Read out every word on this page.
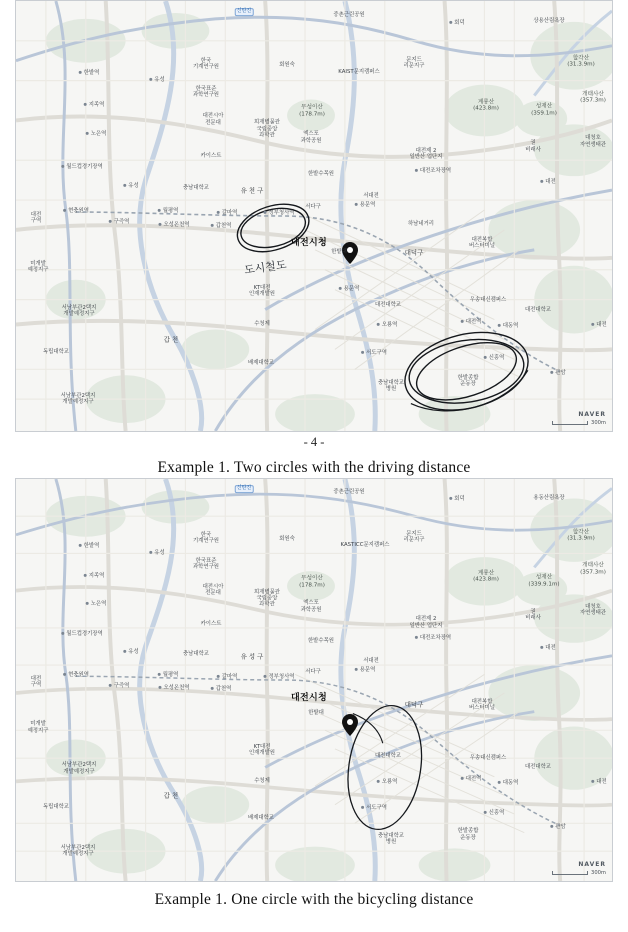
도시철도
NAVER
300m
회덕
중촌근린공원
신탄진
상용산림욕장
할각산
(31.3.9m)
개태사산
(357.3m)
한밭역
유성
한국
기계연구원	회원숙
KAIST문지캠퍼스
문지드
리문지구
지족역
한국표준
과학연구원
무성이산
(178.7m)
계룡산
(423.8m)	성재산
(359.1m)
노은역
대전시아
전문대	희재병물관
국립중앙
과학관	엑스포
과학공원	대청호
자연생태관
권
비래사
카이스트
대전제 2
일반산 업단지
월드컵경기장역
한밭수목원	대전조차장역
대전
유성	충남대학교	유 천 구
서대전
현충원역	월평역	갈마역	정부청사역
서다구	용문역
구즉역	오성온천역	갑천역	하남네거리
대전
구역
대전시청
한밭대
대전복합
버스터미널
대덕구
미개발
예정지구
KT대전
인재개발원
용문역
대전대학교
우송대신캠퍼스
대전대학교
서남부관2택지
개발예정지구
수청제	오룡역
대전역
대동역	대전
독립대학교
갑 천
서도구역
신흥역
배제대학교
충남대학교
병원
한발종합
운동장
판암
서남부관2택지
개발예정지구
- 4 -
Example 1. Two circles with the driving distance
NAVER
300m
회덕
중촌근린공원
신탄진
용동산림욕장
할각산
(31.3.9m)
개태사산
(357.3m)
한밭역
유성
한국
기계연구원	회원숙
KASTICC문지캠퍼스
문지드
리문지구
지족역
한국표준
과학연구원
무성이산
(178.7m)
계룡산
(423.8m)	성재산
(339.9.1m)
노은역
대전시아
전문대	희재병물관
국립중앙
과학관	엑스포
과학공원	대청호
자연생태관
권
비래사
카이스트
대전제 2
일반산 업단지
월드컵경기장역
한밭수목원	대전조차장역
대전
유성	충남대학교	유 성 구
서대전
현충원역	월평역	갈마역	정부청사역
서다구	용문역
구즉역	오성온천역	갑천역
대전
구역
대전시청
한밭대
대전복합
버스터미널
대덕구
미개발
예정지구
KT대전
인재개발원
대전대학교
우송대신캠퍼스
대전대학교
서남부관2택지
개발예정지구
수청제	오룡역
대전역
대동역	대전
독립대학교
갑 천
서도구역
신흥역
배제대학교
충남대학교
병원
한발종합
운동장
판암
서남부관2택지
개발예정지구
Example 1. One circle with the bicycling distance
